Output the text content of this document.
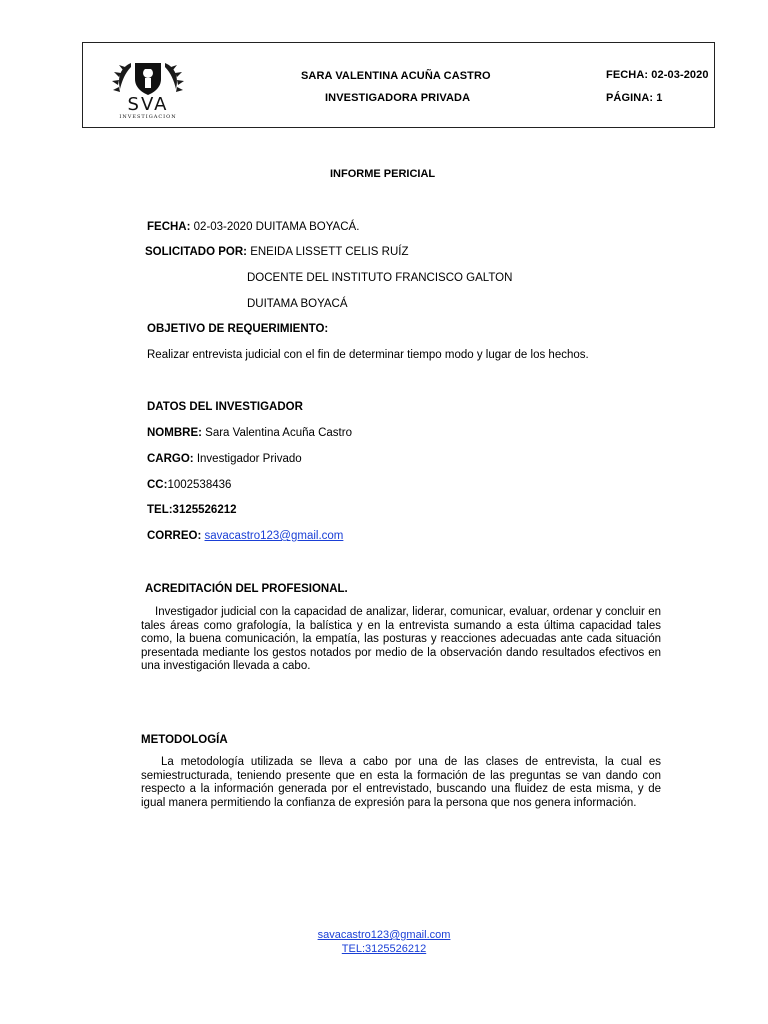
SVA
INVESTIGACION
SARA VALENTINA ACUÑA CASTRO
INVESTIGADORA PRIVADA
FECHA: 02-03-2020
PÁGINA: 1
INFORME PERICIAL
FECHA: 02-03-2020 DUITAMA BOYACÁ.
SOLICITADO POR: ENEIDA LISSETT CELIS RUÍZ
DOCENTE DEL INSTITUTO FRANCISCO GALTON
DUITAMA BOYACÁ
OBJETIVO DE REQUERIMIENTO:
Realizar entrevista judicial con el fin de determinar tiempo modo y lugar de los hechos.
DATOS DEL INVESTIGADOR
NOMBRE: Sara Valentina Acuña Castro
CARGO: Investigador Privado
CC:1002538436
TEL:3125526212
CORREO: savacastro123@gmail.com
ACREDITACIÓN DEL PROFESIONAL.
Investigador judicial con la capacidad de analizar, liderar, comunicar, evaluar, ordenar y concluir en tales áreas como grafología, la balística y en la entrevista sumando a esta última capacidad tales como, la buena comunicación, la empatía, las posturas y reacciones adecuadas ante cada situación presentada mediante los gestos notados por medio de la observación dando resultados efectivos en una investigación llevada a cabo.
METODOLOGÍA
La metodología utilizada se lleva a cabo por una de las clases de entrevista, la cual es semiestructurada, teniendo presente que en esta la formación de las preguntas se van dando con respecto a la información generada por el entrevistado, buscando una fluidez de esta misma, y de igual manera permitiendo la confianza de expresión para la persona que nos genera información.
savacastro123@gmail.com
TEL:3125526212
